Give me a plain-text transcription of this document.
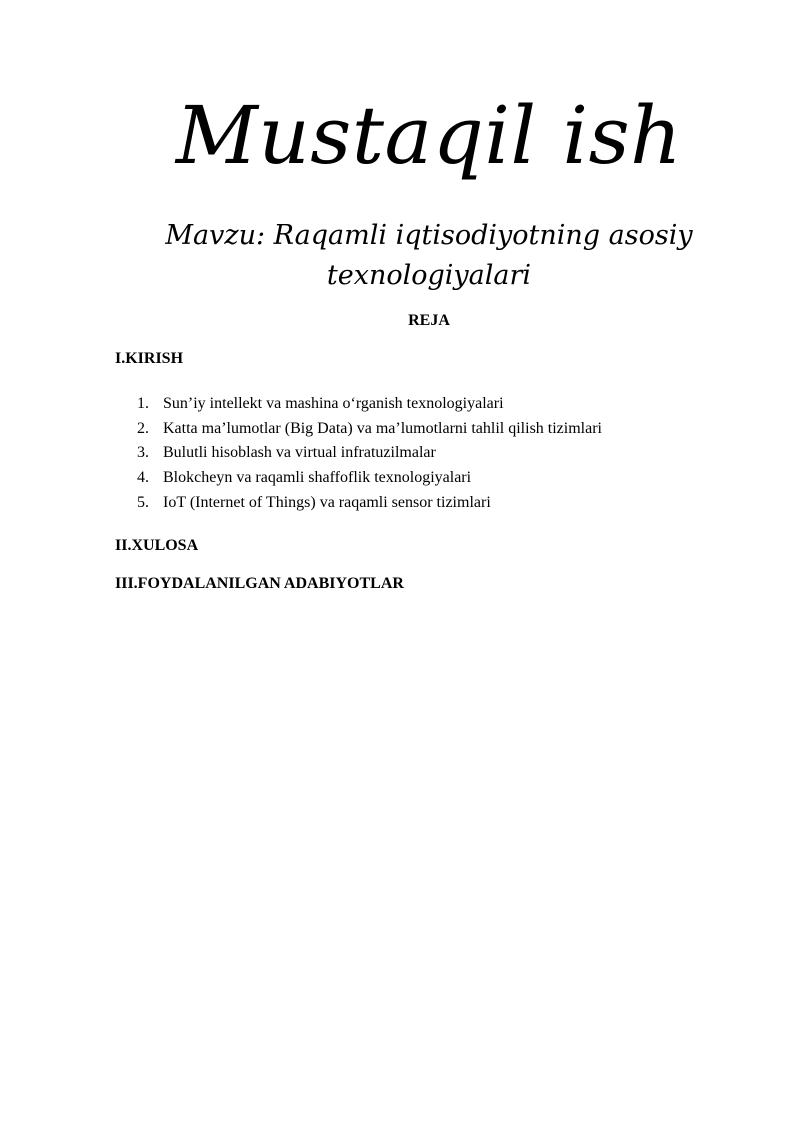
Mustaqil ish
Mavzu: Raqamli iqtisodiyotning asosiy texnologiyalari
REJA
I.KIRISH
1. Sun’iy intellekt va mashina o‘rganish texnologiyalari
2. Katta ma’lumotlar (Big Data) va ma’lumotlarni tahlil qilish tizimlari
3. Bulutli hisoblash va virtual infratuzilmalar
4. Blokcheyn va raqamli shaffoflik texnologiyalari
5. IoT (Internet of Things) va raqamli sensor tizimlari
II.XULOSA
III.FOYDALANILGAN ADABIYOTLAR
